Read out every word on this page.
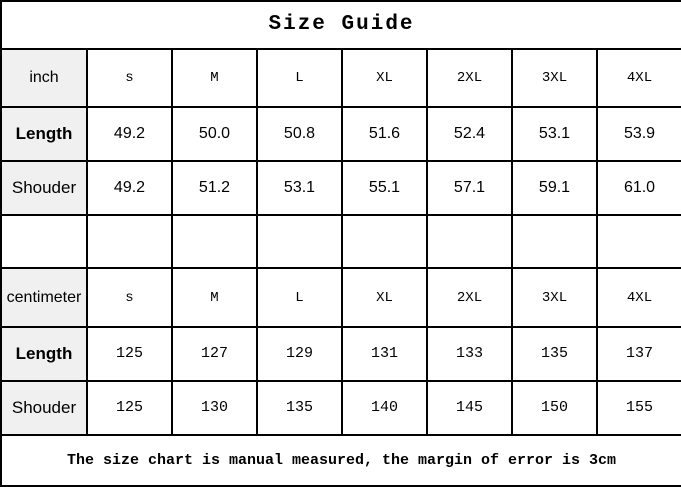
Size Guide							
inch	s	M	L	XL	2XL	3XL	4XL
Length	49.2	50.0	50.8	51.6	52.4	53.1	53.9
Shouder	49.2	51.2	53.1	55.1	57.1	59.1	61.0

centimeter	s	M	L	XL	2XL	3XL	4XL
Length	125	127	129	131	133	135	137
Shouder	125	130	135	140	145	150	155
The size chart is manual measured, the margin of error is 3cm							
